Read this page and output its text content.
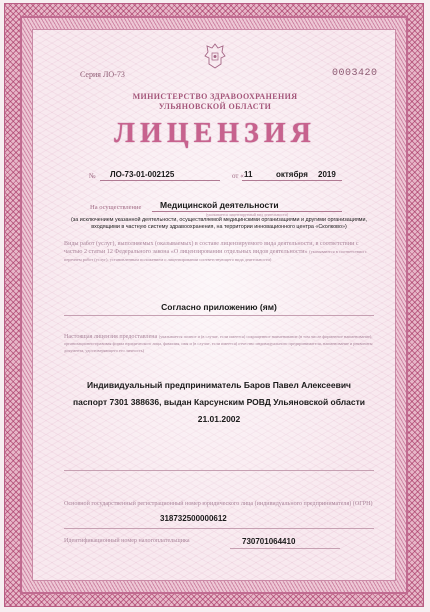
Серия ЛО-73	0003420
МИНИСТЕРСТВО ЗДРАВООХРАНЕНИЯ
УЛЬЯНОВСКОЙ ОБЛАСТИ
ЛИЦЕНЗИЯ
№ ЛО-73-01-002125	от « 11	октября 2019
На осуществление Медицинской деятельности
(указывается лицензируемый вид деятельности)
(за исключением указанной деятельности, осуществляемой медицинскими организациями и другими организациями, входящими в частную систему здравоохранения, на территории инновационного центра «Сколково»)
Виды работ (услуг), выполняемых (оказываемых) в составе лицензируемого вида деятельности, в соответствии с частью 2 статьи 12 Федерального закона «О лицензировании отдельных видов деятельности» (указываются в соответствии с перечнем работ (услуг), установленным положением о лицензировании соответствующего вида деятельности)
Согласно приложению (ям)
Настоящая лицензия предоставлена (указывается полное и (в случае, если имеется) сокращенное наименование (в том числе фирменное наименование), организационно-правовая форма юридического лица, фамилия, имя и (в случае, если имеется) отчество индивидуального предпринимателя, наименование и реквизиты документа, удостоверяющего его личность)
Индивидуальный предприниматель Баров Павел Алексеевич
паспорт 7301 388636, выдан Карсунским РОВД Ульяновской области
21.01.2002
Основной государственный регистрационный номер юридического лица (индивидуального предпринимателя) (ОГРН)
318732500000612
Идентификационный номер налогоплательщика	730701064410
